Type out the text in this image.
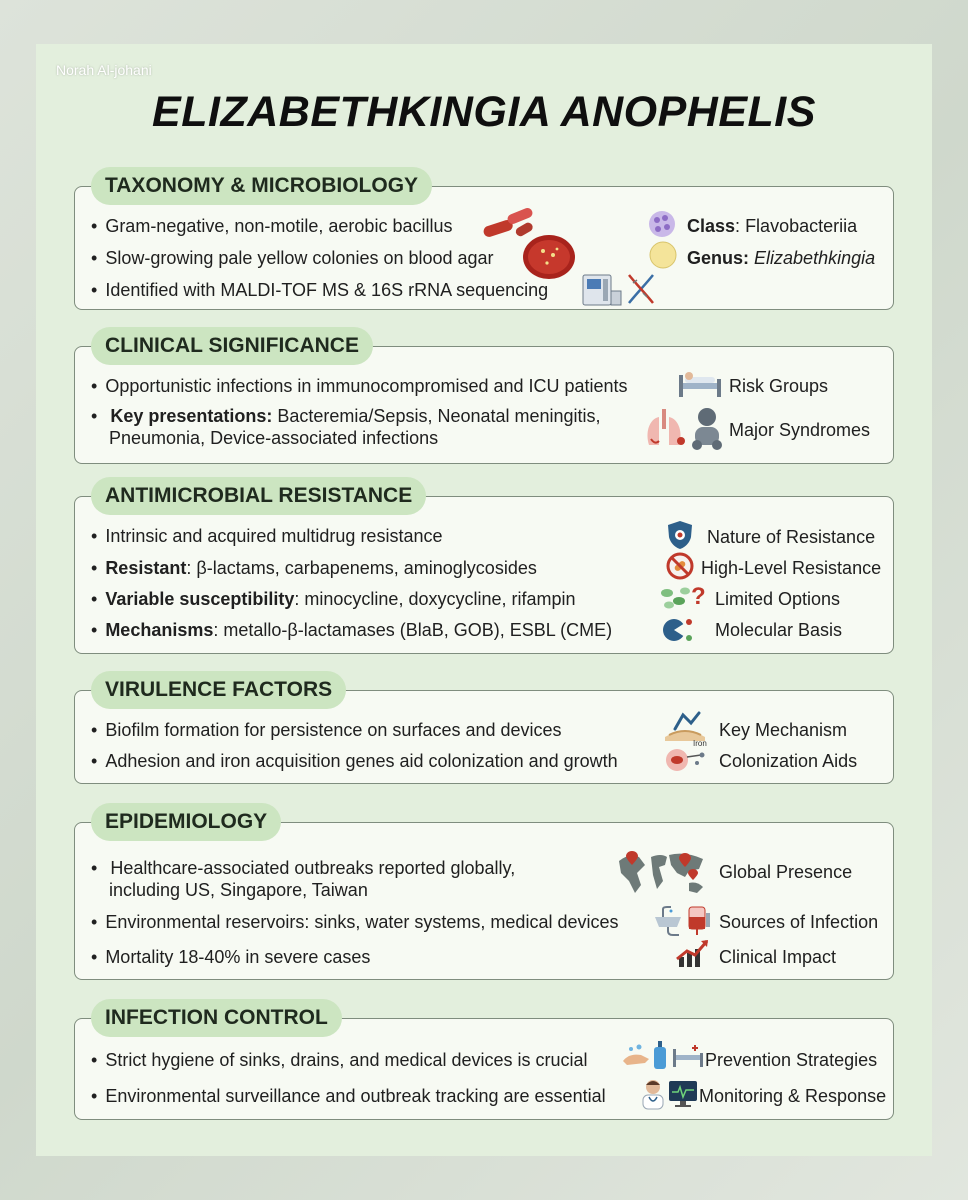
Norah Al-johani
ELIZABETHKINGIA ANOPHELIS
TAXONOMY & MICROBIOLOGY
• Gram-negative, non-motile, aerobic bacillus
• Slow-growing pale yellow colonies on blood agar
• Identified with MALDI-TOF MS & 16S rRNA sequencing
Class: Flavobacteriia
Genus: Elizabethkingia
CLINICAL SIGNIFICANCE
• Opportunistic infections in immunocompromised and ICU patients
• Key presentations: Bacteremia/Sepsis, Neonatal meningitis,
Pneumonia, Device-associated infections
Risk Groups
Major Syndromes
ANTIMICROBIAL RESISTANCE
• Intrinsic and acquired multidrug resistance
• Resistant: β-lactams, carbapenems, aminoglycosides
• Variable susceptibility: minocycline, doxycycline, rifampin
• Mechanisms: metallo-β-lactamases (BlaB, GOB), ESBL (CME)
Nature of Resistance
High-Level Resistance
? Limited Options
Molecular Basis
VIRULENCE FACTORS
• Biofilm formation for persistence on surfaces and devices
• Adhesion and iron acquisition genes aid colonization and growth
Key Mechanism
Iron
Colonization Aids
EPIDEMIOLOGY
• Healthcare-associated outbreaks reported globally,
including US, Singapore, Taiwan
• Environmental reservoirs: sinks, water systems, medical devices
• Mortality 18-40% in severe cases
Global Presence
Sources of Infection
Clinical Impact
INFECTION CONTROL
• Strict hygiene of sinks, drains, and medical devices is crucial
• Environmental surveillance and outbreak tracking are essential
Prevention Strategies
Monitoring & Response
